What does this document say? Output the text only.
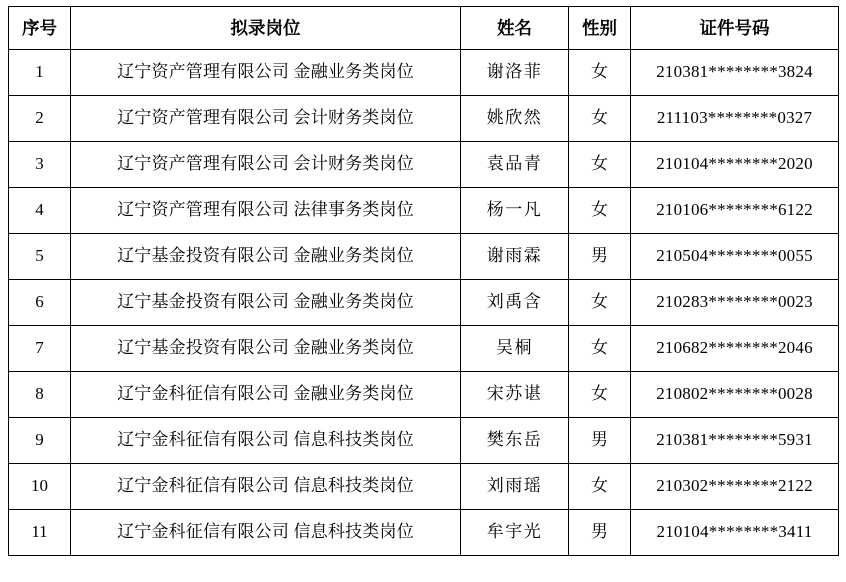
序号	拟录岗位	姓名	性别	证件号码
1	辽宁资产管理有限公司 金融业务类岗位	谢洛菲	女	210381********3824
2	辽宁资产管理有限公司 会计财务类岗位	姚欣然	女	211103********0327
3	辽宁资产管理有限公司 会计财务类岗位	袁品青	女	210104********2020
4	辽宁资产管理有限公司 法律事务类岗位	杨一凡	女	210106********6122
5	辽宁基金投资有限公司 金融业务类岗位	谢雨霖	男	210504********0055
6	辽宁基金投资有限公司 金融业务类岗位	刘禹含	女	210283********0023
7	辽宁基金投资有限公司 金融业务类岗位	吴桐	女	210682********2046
8	辽宁金科征信有限公司 金融业务类岗位	宋苏谌	女	210802********0028
9	辽宁金科征信有限公司 信息科技类岗位	樊东岳	男	210381********5931
10	辽宁金科征信有限公司 信息科技类岗位	刘雨瑶	女	210302********2122
11	辽宁金科征信有限公司 信息科技类岗位	牟宇光	男	210104********3411
